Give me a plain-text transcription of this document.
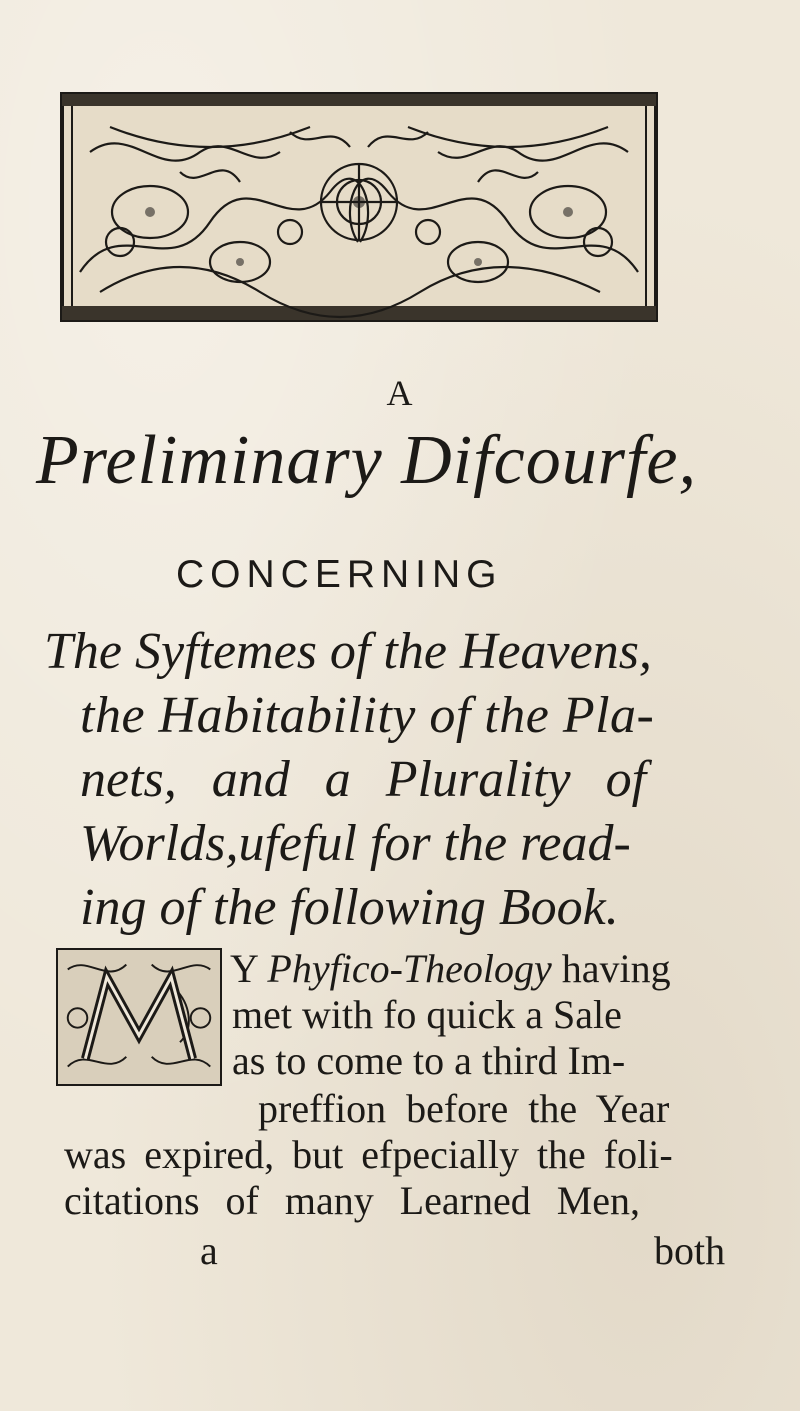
A
Preliminary Difcourfe,
CONCERNING
The Syftemes of the Heavens,
the Habitability of the Pla-
nets, and a Plurality of
Worlds,ufeful for the read-
ing of the following Book.
Y Phyfico-Theology having
met with fo quick a Sale
as to come to a third Im-
preffion before the Year
was expired, but efpecially the foli-
citations of many Learned Men,
a	both
